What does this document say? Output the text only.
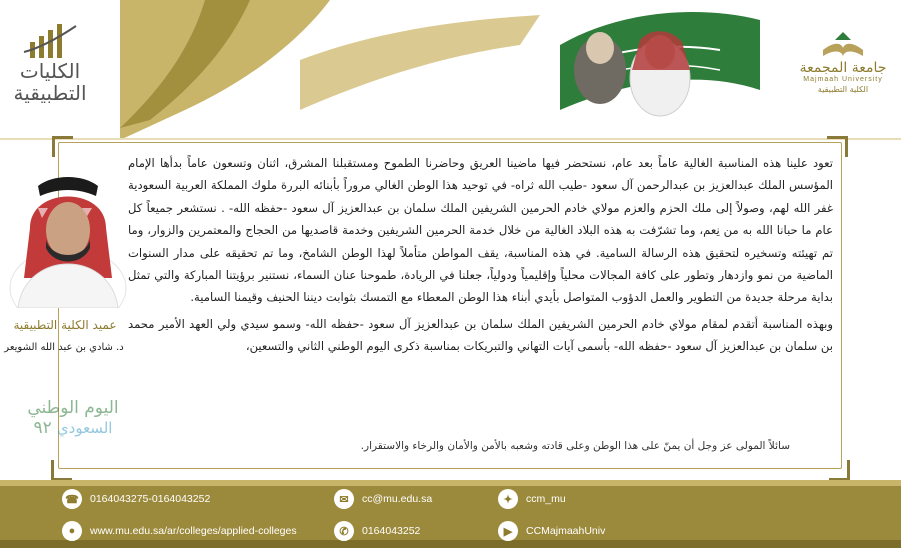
الكليات
التطبيقية
جامعة المجمعة
Majmaah University
الكلية التطبيقية
عميد الكلية التطبيقية
د. شادي بن عبد الله الشويعر
اليوم الوطني
السعودي ٩٢

تعود علينا هذه المناسبة الغالية عاماً بعد عام، نستحضر فيها ماضينا العريق وحاضرنا الطموح ومستقبلنا المشرق، اثنان وتسعون عاماً بدأها الإمام المؤسس الملك عبدالعزيز بن عبدالرحمن آل سعود -طيب الله ثراه- في توحيد هذا الوطن الغالي مروراً بأبنائه البررة ملوك المملكة العربية السعودية غفر الله لهم، وصولاً إلى ملك الحزم والعزم مولاي خادم الحرمين الشريفين الملك سلمان بن عبدالعزيز آل سعود -حفظه الله- . نستشعر جميعاً كل عام ما حبانا الله به من نِعم، وما تشرّفت به هذه البلاد الغالية من خلال خدمة الحرمين الشريفين وخدمة قاصديها من الحجاج والمعتمرين والزوار، وما تم تهيئته وتسخيره لتحقيق هذه الرسالة السامية. في هذه المناسبة، يقف المواطن متأملاً لهذا الوطن الشامخ، وما تم تحقيقه على مدار السنوات الماضية من نمو وازدهار وتطور على كافة المجالات محلياً وإقليمياً ودولياً، جعلنا في الريادة، طموحنا عنان السماء، نستنير برؤيتنا المباركة والتي تمثل بداية مرحلة جديدة من التطوير والعمل الدؤوب المتواصل بأيدي أبناء هذا الوطن المعطاء مع التمسك بثوابت ديننا الحنيف وقيمنا السامية.

وبهذه المناسبة أتقدم لمقام مولاي خادم الحرمين الشريفين الملك سلمان بن عبدالعزيز آل سعود -حفظه الله- وسمو سيدي ولي العهد الأمير محمد بن سلمان بن عبدالعزيز آل سعود -حفظه الله- بأسمى آيات التهاني والتبريكات بمناسبة ذكرى اليوم الوطني الثاني والتسعين،

سائلاً المولى عز وجل أن يمنّ على هذا الوطن وعلى قادته وشعبه بالأمن والأمان والرخاء والاستقرار.
☎	0164043275-0164043252	✉	cc@mu.edu.sa	✦	ccm_mu
●	www.mu.edu.sa/ar/colleges/applied-colleges	✆	0164043252	▶	CCMajmaahUniv
